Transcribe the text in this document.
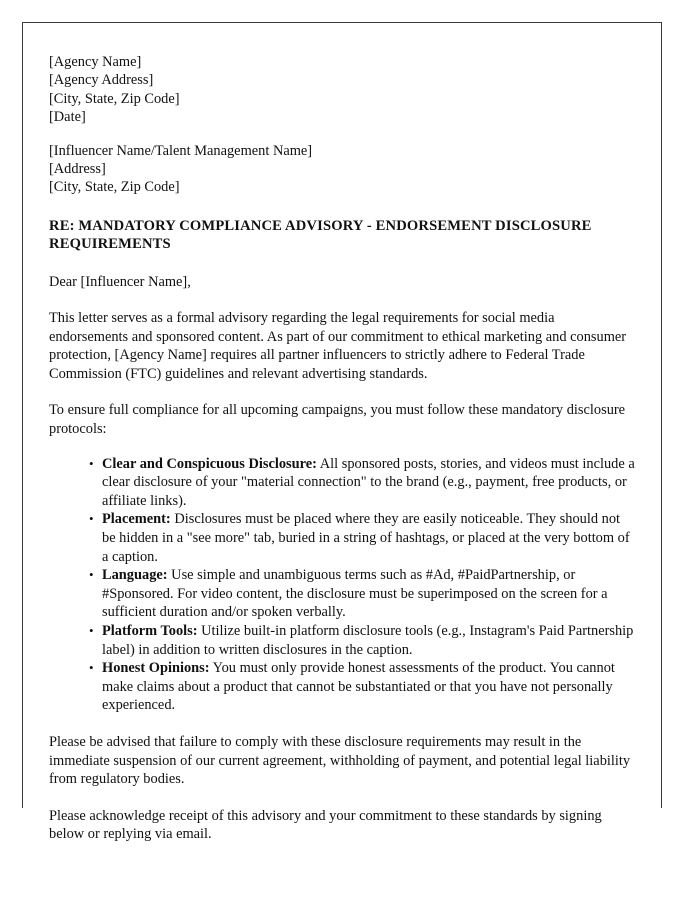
[Agency Name]
[Agency Address]
[City, State, Zip Code]
[Date]
[Influencer Name/Talent Management Name]
[Address]
[City, State, Zip Code]
RE: MANDATORY COMPLIANCE ADVISORY - ENDORSEMENT DISCLOSURE REQUIREMENTS
Dear [Influencer Name],

This letter serves as a formal advisory regarding the legal requirements for social media endorsements and sponsored content. As part of our commitment to ethical marketing and consumer protection, [Agency Name] requires all partner influencers to strictly adhere to Federal Trade Commission (FTC) guidelines and relevant advertising standards.

To ensure full compliance for all upcoming campaigns, you must follow these mandatory disclosure protocols:

• Clear and Conspicuous Disclosure: All sponsored posts, stories, and videos must include a clear disclosure of your "material connection" to the brand (e.g., payment, free products, or affiliate links).
• Placement: Disclosures must be placed where they are easily noticeable. They should not be hidden in a "see more" tab, buried in a string of hashtags, or placed at the very bottom of a caption.
• Language: Use simple and unambiguous terms such as #Ad, #PaidPartnership, or #Sponsored. For video content, the disclosure must be superimposed on the screen for a sufficient duration and/or spoken verbally.
• Platform Tools: Utilize built-in platform disclosure tools (e.g., Instagram's Paid Partnership label) in addition to written disclosures in the caption.
• Honest Opinions: You must only provide honest assessments of the product. You cannot make claims about a product that cannot be substantiated or that you have not personally experienced.

Please be advised that failure to comply with these disclosure requirements may result in the immediate suspension of our current agreement, withholding of payment, and potential legal liability from regulatory bodies.

Please acknowledge receipt of this advisory and your commitment to these standards by signing below or replying via email.
